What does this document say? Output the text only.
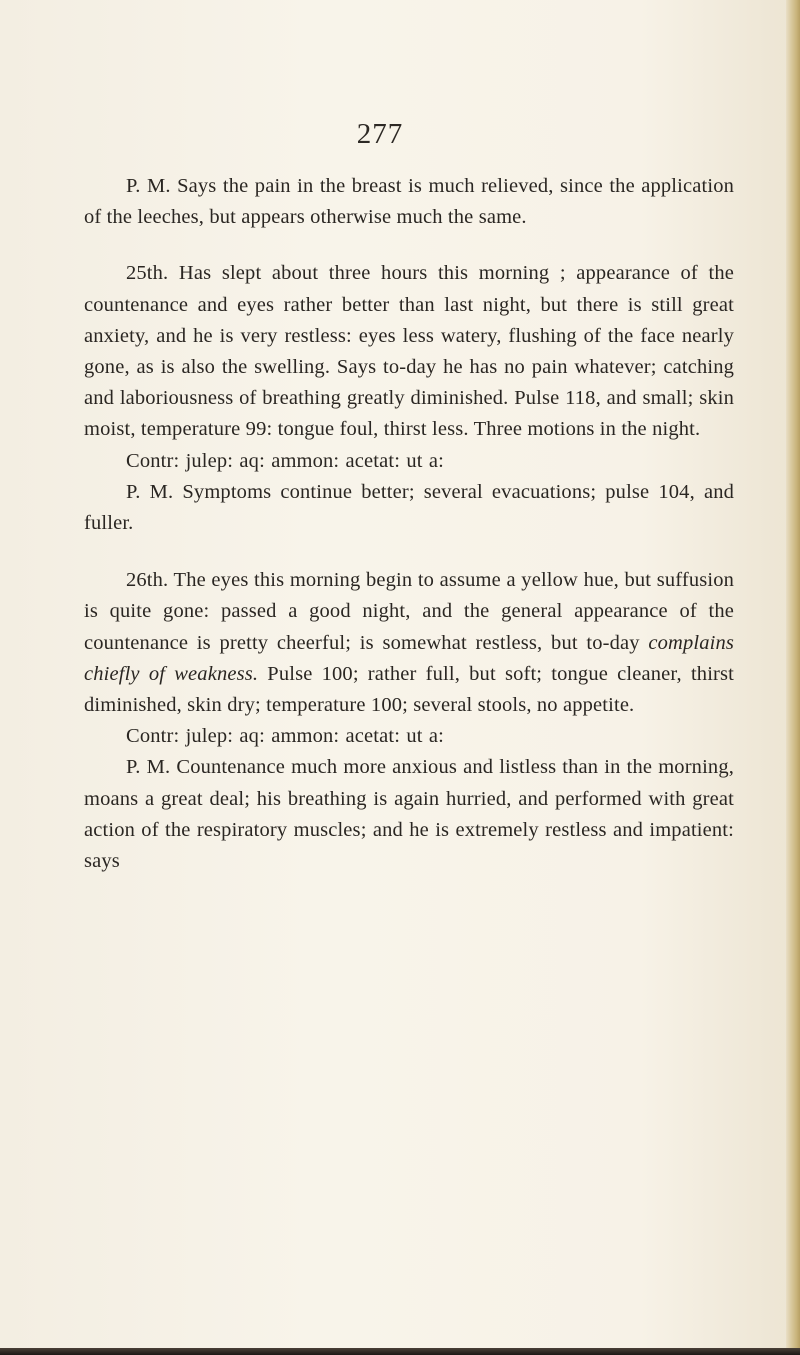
277

P. M. Says the pain in the breast is much relieved, since the application of the leeches, but appears otherwise much the same.

25th. Has slept about three hours this morning ; appearance of the countenance and eyes rather better than last night, but there is still great anxiety, and he is very restless: eyes less watery, flushing of the face nearly gone, as is also the swelling. Says to-day he has no pain whatever; catching and laboriousness of breathing greatly diminished. Pulse 118, and small; skin moist, temperature 99: tongue foul, thirst less. Three motions in the night.

Contr: julep: aq: ammon: acetat: ut a:

P. M. Symptoms continue better; several evacuations; pulse 104, and fuller.

26th. The eyes this morning begin to assume a yellow hue, but suffusion is quite gone: passed a good night, and the general appearance of the countenance is pretty cheerful; is somewhat restless, but to-day complains chiefly of weakness. Pulse 100; rather full, but soft; tongue cleaner, thirst diminished, skin dry; temperature 100; several stools, no appetite.

Contr: julep: aq: ammon: acetat: ut a:

P. M. Countenance much more anxious and listless than in the morning, moans a great deal; his breathing is again hurried, and performed with great action of the respiratory muscles; and he is extremely restless and impatient: says
